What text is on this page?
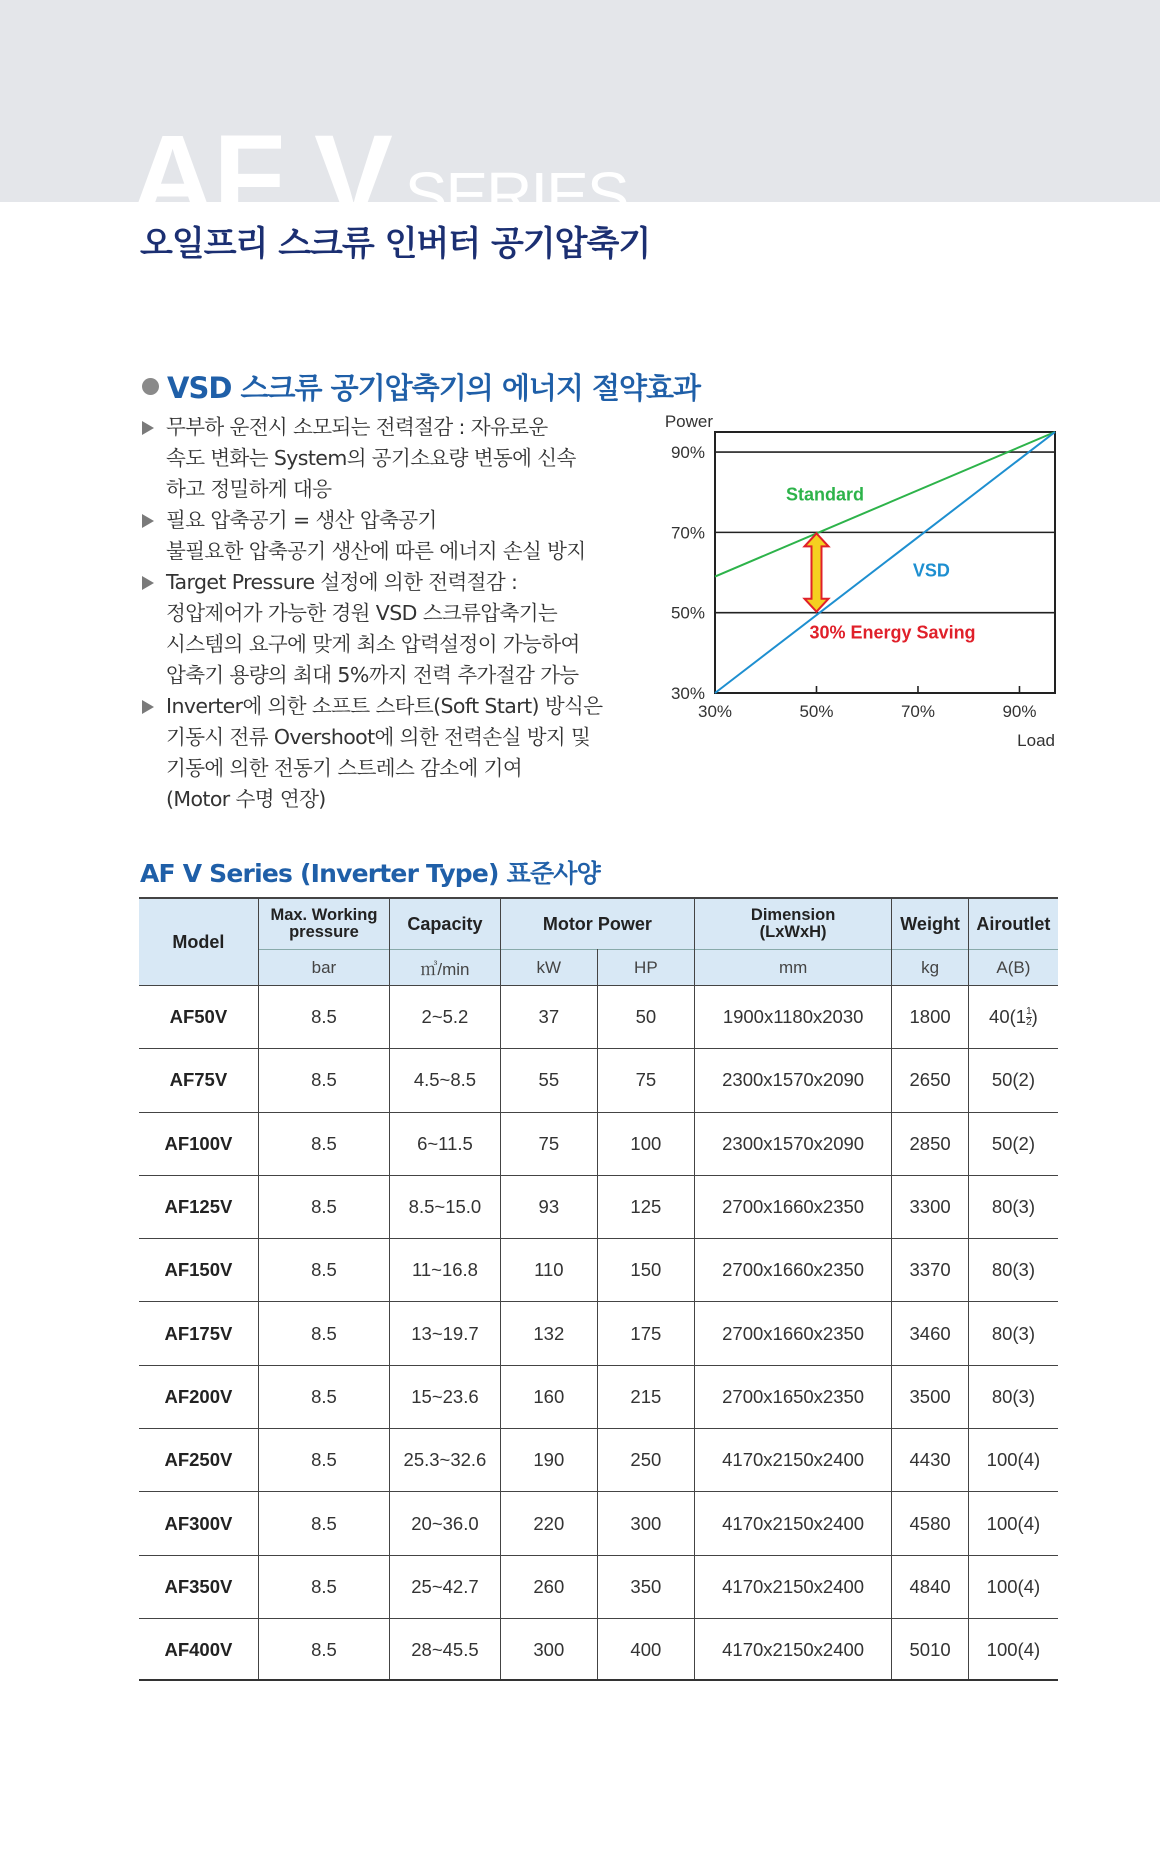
AF V SERIES
오일프리 스크류 인버터 공기압축기
VSD 스크류 공기압축기의 에너지 절약효과
무부하 운전시 소모되는 전력절감 : 자유로운
속도 변화는 System의 공기소요량 변동에 신속
하고 정밀하게 대응
필요 압축공기 = 생산 압축공기
불필요한 압축공기 생산에 따른 에너지 손실 방지
Target Pressure 설정에 의한 전력절감 :
정압제어가 가능한 경원 VSD 스크류압축기는
시스템의 요구에 맞게 최소 압력설정이 가능하여
압축기 용량의 최대 5%까지 전력 추가절감 가능
Inverter에 의한 소프트 스타트(Soft Start) 방식은
기동시 전류 Overshoot에 의한 전력손실 방지 및
기동에 의한 전동기 스트레스 감소에 기여
(Motor 수명 연장)
30%
50%
70%
90%
30%	50%	70%	90%
Power
Load
Standard
VSD
30% Energy Saving
AF V Series (Inverter Type) 표준사양
Model	Max. Working pressure	Capacity	Motor Power		Dimension (LxWxH)	Weight	Airoutlet
	bar	㎥/min	kW	HP	mm	kg	A(B)
AF50V	8.5	2~5.2	37	50	1900x1180x2030	1800	$40(1 \frac{1}{2}$ )
AF75V	8.5	4.5~8.5	55	75	2300x1570x2090	2650	50(2)
AF100V	8.5	6~11.5	75	100	2300x1570x2090	2850	50(2)
AF125V	8.5	8.5~15.0	93	125	2700x1660x2350	3300	80(3)
AF150V	8.5	11~16.8	110	150	2700x1660x2350	3370	80(3)
AF175V	8.5	13~19.7	132	175	2700x1660x2350	3460	80(3)
AF200V	8.5	15~23.6	160	215	2700x1650x2350	3500	80(3)
AF250V	8.5	25.3~32.6	190	250	4170x2150x2400	4430	100(4)
AF300V	8.5	20~36.0	220	300	4170x2150x2400	4580	100(4)
AF350V	8.5	25~42.7	260	350	4170x2150x2400	4840	100(4)
AF400V	8.5	28~45.5	300	400	4170x2150x2400	5010	100(4)
